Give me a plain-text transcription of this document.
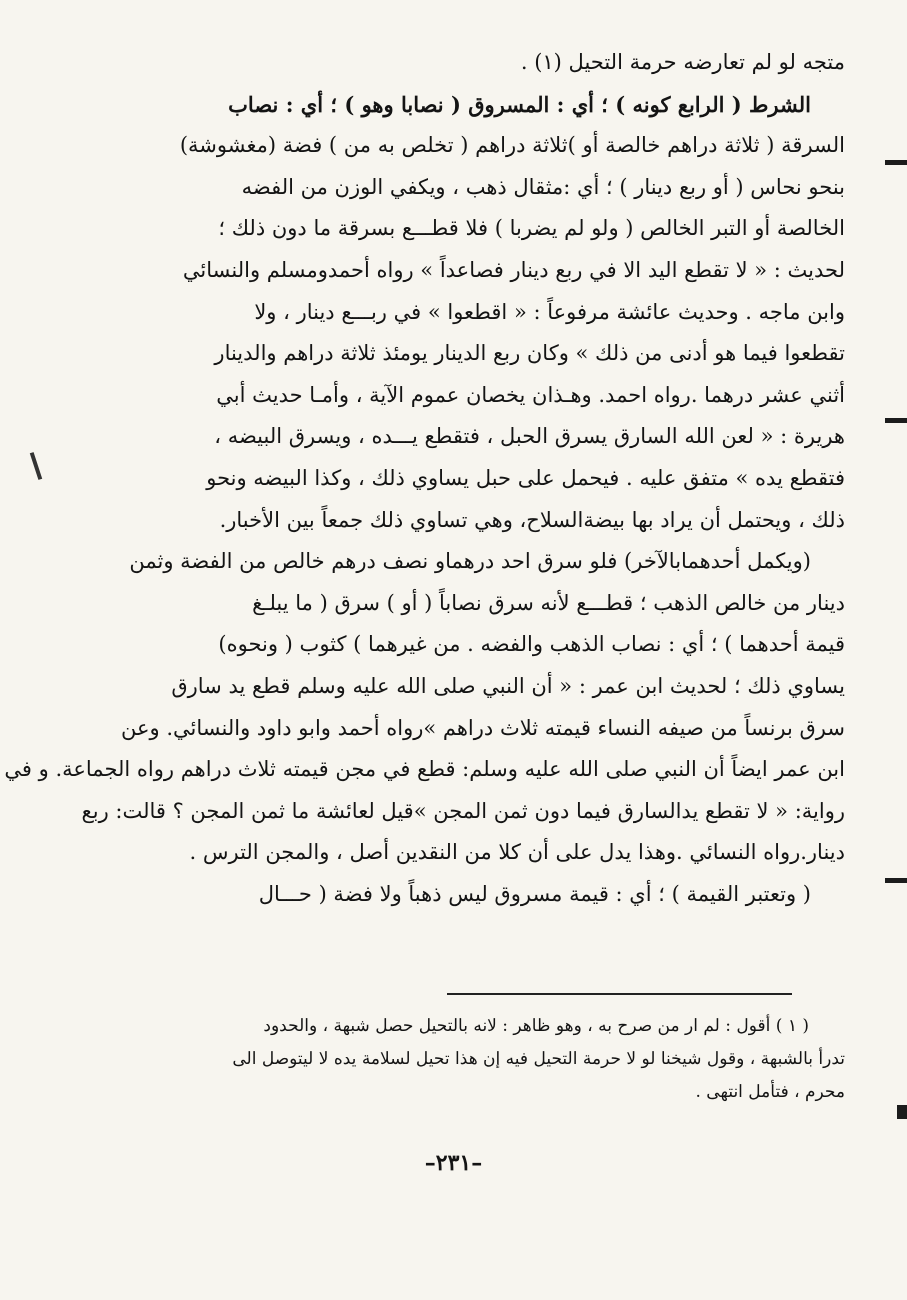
متجه لو لم تعارضه حرمة التحيل (١) .
الشرط ( الرابع كونه ) ؛ أي : المسروق ( نصابا وهو ) ؛ أي : نصاب
السرقة ( ثلاثة دراهم خالصة أو )ثلاثة دراهم ( تخلص به من ) فضة (مغشوشة)
بنحو نحاس ( أو ربع دينار ) ؛ أي :مثقال ذهب ، ويكفي الوزن من الفضه
الخالصة أو التبر الخالص ( ولو لم يضربا ) فلا قطـــع بسرقة ما دون ذلك ؛
لحديث : « لا تقطع اليد الا في ربع دينار فصاعداً » رواه أحمدومسلم والنسائي
وابن ماجه . وحديث عائشة مرفوعاً : « اقطعوا » في ربـــع دينار ، ولا
تقطعوا فيما هو أدنى من ذلك » وكان ربع الدينار يومئذ ثلاثة دراهم والدينار
أثني عشر درهما .رواه احمد. وهـذان يخصان عموم الآية ، وأمـا حديث أبي
هريرة : « لعن الله السارق يسرق الحبل ، فتقطع يـــده ، ويسرق البيضه ،
فتقطع يده » متفق عليه . فيحمل على حبل يساوي ذلك ، وكذا البيضه ونحو
ذلك ، ويحتمل أن يراد بها بيضةالسلاح، وهي تساوي ذلك جمعاً بين الأخبار.
(ويكمل أحدهمابالآخر) فلو سرق احد درهماو نصف درهم خالص من الفضة وثمن
دينار من خالص الذهب ؛ قطـــع لأنه سرق نصاباً ( أو ) سرق ( ما يبلـغ
قيمة أحدهما ) ؛ أي : نصاب الذهب والفضه . من غيرهما ) كثوب ( ونحوه)
يساوي ذلك ؛ لحديث ابن عمر : « أن النبي صلى الله عليه وسلم قطع يد سارق
سرق برنساً من صيفه النساء قيمته ثلاث دراهم »رواه أحمد وابو داود والنسائي. وعن
ابن عمر ايضاً أن النبي صلى الله عليه وسلم: قطع في مجن قيمته ثلاث دراهم رواه الجماعة. و في
رواية: « لا تقطع يدالسارق فيما دون ثمن المجن »قيل لعائشة ما ثمن المجن ؟ قالت: ربع
دينار.رواه النسائي .وهذا يدل على أن كلا من النقدين أصل ، والمجن الترس .
( وتعتبر القيمة ) ؛ أي : قيمة مسروق ليس ذهباً ولا فضة ( حـــال
( ١ ) أقول : لم ار من صرح به ، وهو ظاهر : لانه بالتحيل حصل شبهة ، والحدود
تدرأ بالشبهة ، وقول شيخنا لو لا حرمة التحيل فيه إن هذا تحيل لسلامة يده لا ليتوصل الى
محرم ، فتأمل انتهى .
–٢٣١–
